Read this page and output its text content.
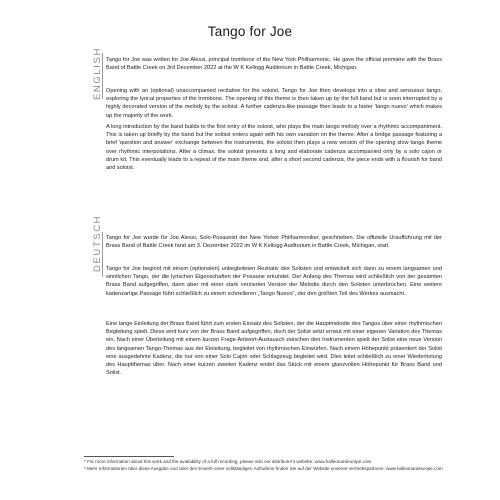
Tango for Joe
ENGLISH Tango for Joe was written for Joe Alessi, principal trombone of the New York Philharmonic. He gave the official premiere with the Brass Band of Battle Creek on 3rd December 2022 at the W K Kellogg Auditorium in Battle Creek, Michigan.

Opening with an (optional) unaccompanied recitative for the soloist, Tango for Joe then develops into a slow and sensuous tango, exploring the lyrical properties of the trombone. The opening of this theme is then taken up by the full band but is soon interrupted by a highly decorated version of the melody by the soloist. A further cadenza-like passage then leads to a faster 'tango nuevo' which makes up the majority of the work.

A long introduction by the band builds to the first entry of the soloist, who plays the main tango melody over a rhythmic accompaniment. This is taken up briefly by the band but the soloist enters again with his own variation on the theme. After a bridge passage featuring a brief 'question and answer' exchange between the instruments, the soloist then plays a new version of the opening slow tango theme over rhythmic interpolations. After a climax, the soloist presents a long and elaborate cadenza accompanied only by a solo cajon or drum kit. This eventually leads to a repeat of the main theme and, after a short second cadenza, the piece ends with a flourish for band and soloist.

DEUTSCH Tango for Joe wurde für Joe Alessi, Solo-Posaunist der New Yorker Philharmoniker, geschrieben. Die offizielle Uraufführung mit der Brass Band of Battle Creek fand am 3. Dezember 2022 im W K Kellogg Auditorium in Battle Creek, Michigan, statt.

Tango for Joe beginnt mit einem (optionalen) unbegleiteten Rezitativ des Solisten und entwickelt sich dann zu einem langsamen und sinnlichen Tango, der die lyrischen Eigenschaften der Posaune erkundet. Der Anfang des Themas wird schließlich von der gesamten Brass Band aufgegriffen, dann aber mit einer stark verzierten Version der Melodie durch den Solisten unterbrochen. Eine weitere kadenzartige Passage führt schließlich zu einem schnelleren „Tango Nuevo", der den größten Teil des Werkes ausmacht.

Eine lange Einleitung der Brass Band führt zum ersten Einsatz des Solisten, der die Hauptmelodie des Tangos über einer rhythmischen Begleitung spielt. Diese wird kurz von der Brass Band aufgegriffen, doch der Solist setzt erneut mit einer eigenen Variation des Themas ein. Nach einer Überleitung mit einem kurzen Frage-Antwort-Austausch zwischen den Instrumenten spielt der Solist eine neue Version des langsamen Tango-Themas aus der Einleitung, begleitet von rhythmischen Einwürfen. Nach einem Höhepunkt präsentiert der Solist eine ausgedehnte Kadenz, die nur von einer Solo Cajón oder Schlagzeug begleitet wird. Dies leitet schließlich zu einer Wiederholung des Hauptthemas über. Nach einer kurzen zweiten Kadenz endet das Stück mit einem glanzvollen Höhepunkt für Brass Band und Solist.

* For more information about this work and the availability of a full recording, please visit our distributor's website: www.halleonardeurope.com

* Mehr Informationen über diese Ausgabe und über den Erwerb einer vollständigen Aufnahme finden Sie auf der Website unseres Vertriebspartners: www.halleonardeurope.com
